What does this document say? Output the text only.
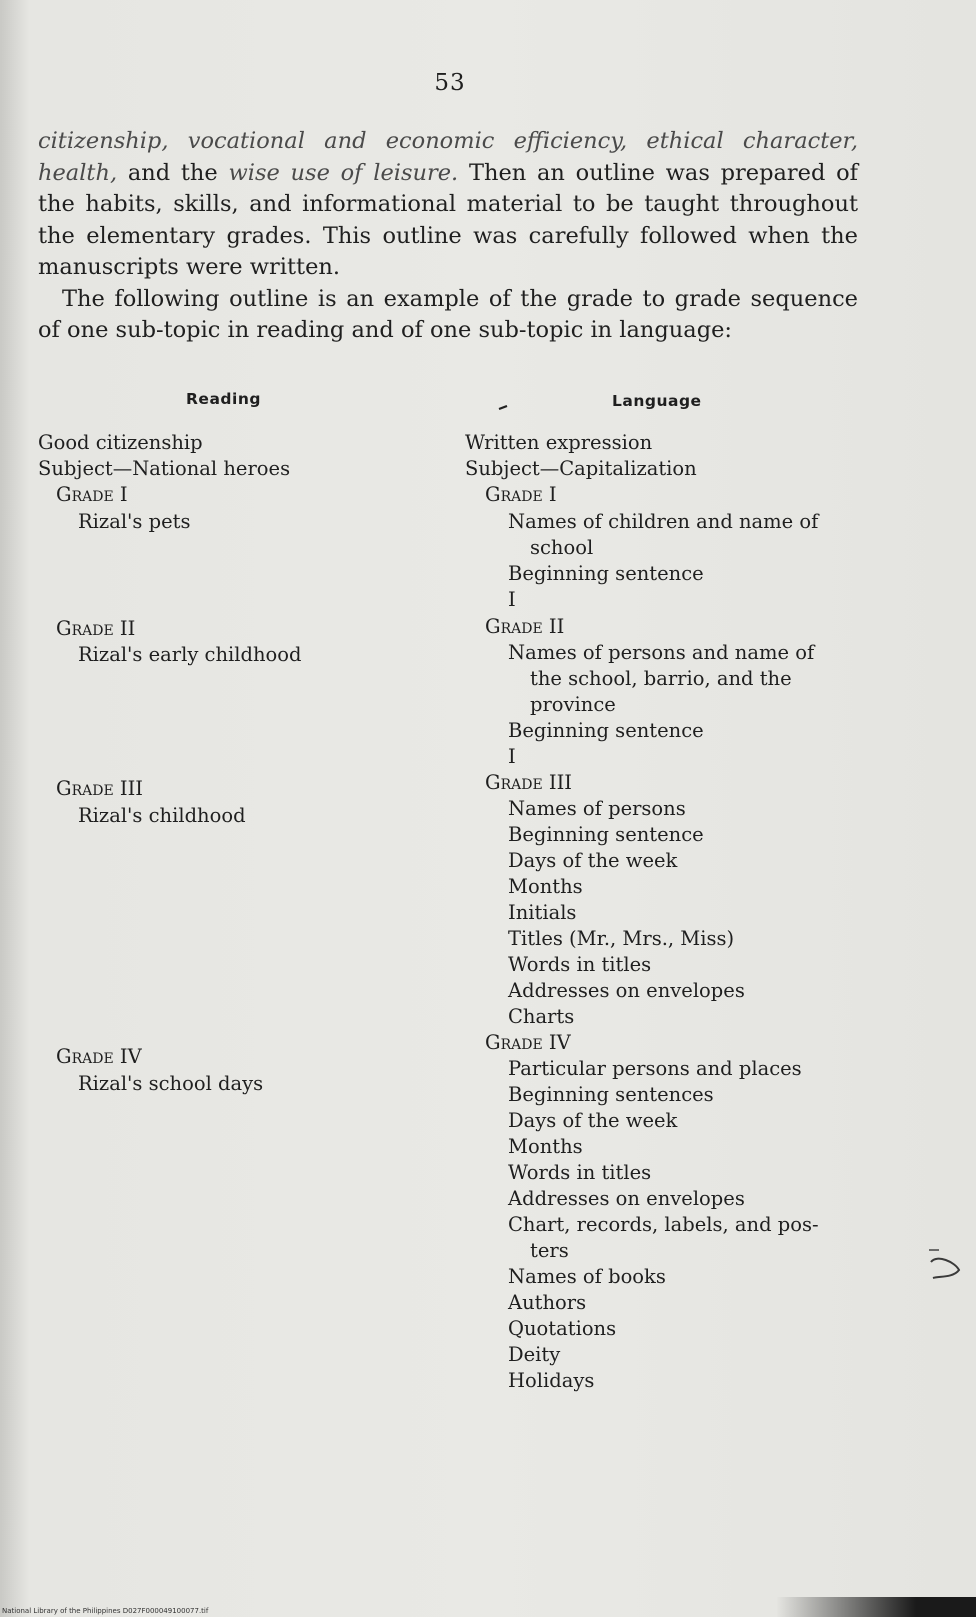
53

citizenship, vocational and economic efficiency, ethical character, health, and the wise use of leisure. Then an outline was prepared of the habits, skills, and informational material to be taught throughout the elementary grades. This outline was carefully followed when the manuscripts were written.

The following outline is an example of the grade to grade sequence of one sub-topic in reading and of one sub-topic in language:

Reading	Language
Good citizenship
Subject—National heroes
Grade I
Rizal's pets
Grade II
Rizal's early childhood
Grade III
Rizal's childhood
Grade IV
Rizal's school days
Written expression
Subject—Capitalization
Grade I
Names of children and name of
school
Beginning sentence
I
Grade II
Names of persons and name of
the school, barrio, and the
province
Beginning sentence
I
Grade III
Names of persons
Beginning sentence
Days of the week
Months
Initials
Titles (Mr., Mrs., Miss)
Words in titles
Addresses on envelopes
Charts
Grade IV
Particular persons and places
Beginning sentences
Days of the week
Months
Words in titles
Addresses on envelopes
Chart, records, labels, and pos-
ters
Names of books
Authors
Quotations
Deity
Holidays
National Library of the Philippines D027F000049100077.tif
